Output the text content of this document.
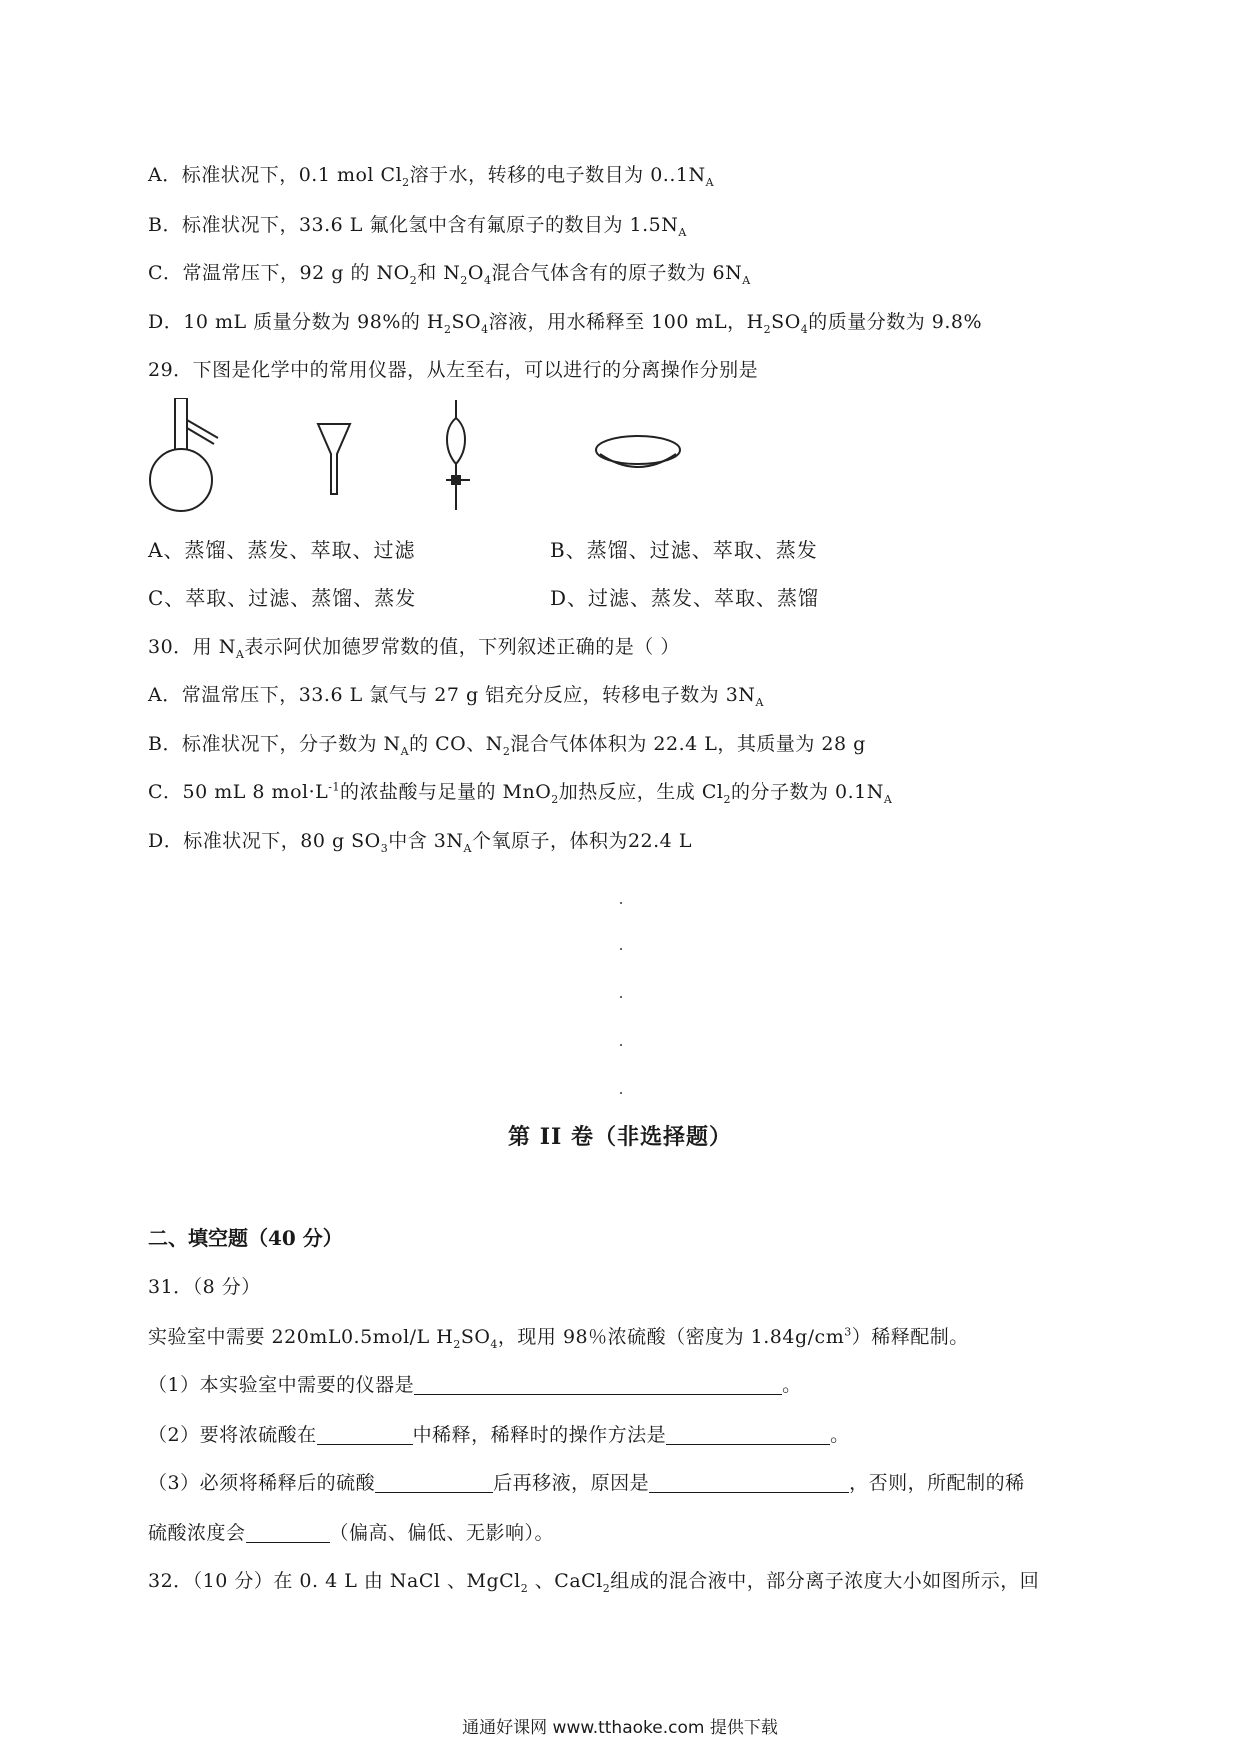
A．标准状况下，0.1 mol $Cl_2$溶于水，转移的电子数目为 $0..1N_A$
B．标准状况下，33.6 L 氟化氢中含有氟原子的数目为 $1.5N_A$
C．常温常压下，92 g 的 $NO_2$和 $N_2O_4$混合气体含有的原子数为 $6N_A$
D．10 mL 质量分数为 98%的 $H_2SO_4$溶液，用水稀释至 100 mL，$H_2SO_4$的质量分数为 9.8%
29．下图是化学中的常用仪器，从左至右，可以进行的分离操作分别是
A、蒸馏、蒸发、萃取、过滤	B、蒸馏、过滤、萃取、蒸发
C、萃取、过滤、蒸馏、蒸发	D、过滤、蒸发、萃取、蒸馏
30．用 $N_A$表示阿伏加德罗常数的值，下列叙述正确的是（ ）
A．常温常压下，33.6 L 氯气与 27 g 铝充分反应，转移电子数为 $3N_A$
B．标准状况下，分子数为 $N_A$的 CO、$N_2$混合气体体积为 22.4 L，其质量为 28 g
C．50 mL 8 $mol\cdot L^{-1}$的浓盐酸与足量的 MnO$_2$加热反应，生成 $Cl_2$的分子数为 $0.1N_A$
D．标准状况下，80 g $SO_3$中含 $3N_A$个氧原子，体积为22.4 L
第 II 卷（非选择题）
二、填空题（40 分）
31．（8 分）
实验室中需要 220mL0.5mol/L $H_2SO_4$，现用 98％浓硫酸（密度为 $1.84g/cm^3$）稀释配制。
（1）本实验室中需要的仪器是	。
（2）要将浓硫酸在	中稀释，稀释时的操作方法是	。
（3）必须将稀释后的硫酸	后再移液，原因是	，否则，所配制的稀
硫酸浓度会	（偏高、偏低、无影响）。
32．（10 分）在 0. 4 L 由 NaCl 、MgCl$_2$ 、CaCl$_2$组成的混合液中，部分离子浓度大小如图所示，回
通通好课网 www.tthaoke.com 提供下载
